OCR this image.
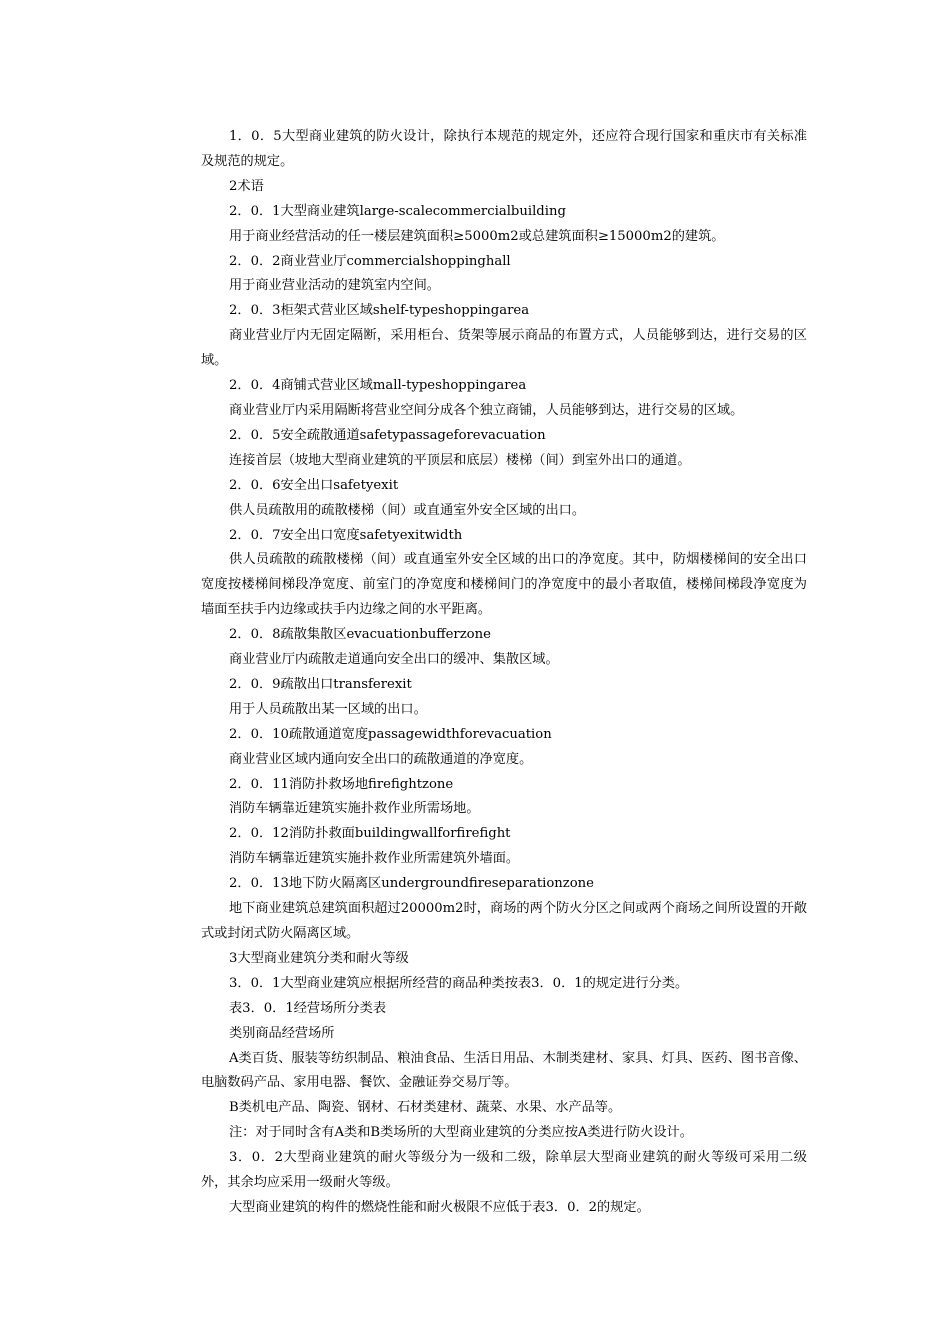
1．0．5大型商业建筑的防火设计，除执行本规范的规定外，还应符合现行国家和重庆市有关标准及规范的规定。

2术语

2．0．1大型商业建筑large-scalecommercialbuilding

用于商业经营活动的任一楼层建筑面积≥5000m2或总建筑面积≥15000m2的建筑。

2．0．2商业营业厅commercialshoppinghall

用于商业营业活动的建筑室内空间。

2．0．3柜架式营业区域shelf-typeshoppingarea

商业营业厅内无固定隔断，采用柜台、货架等展示商品的布置方式，人员能够到达，进行交易的区域。

2．0．4商铺式营业区域mall-typeshoppingarea

商业营业厅内采用隔断将营业空间分成各个独立商铺，人员能够到达，进行交易的区域。

2．0．5安全疏散通道safetypassageforevacuation

连接首层（坡地大型商业建筑的平顶层和底层）楼梯（间）到室外出口的通道。

2．0．6安全出口safetyexit

供人员疏散用的疏散楼梯（间）或直通室外安全区域的出口。

2．0．7安全出口宽度safetyexitwidth

供人员疏散的疏散楼梯（间）或直通室外安全区域的出口的净宽度。其中，防烟楼梯间的安全出口宽度按楼梯间梯段净宽度、前室门的净宽度和楼梯间门的净宽度中的最小者取值，楼梯间梯段净宽度为墙面至扶手内边缘或扶手内边缘之间的水平距离。

2．0．8疏散集散区evacuationbufferzone

商业营业厅内疏散走道通向安全出口的缓冲、集散区域。

2．0．9疏散出口transferexit

用于人员疏散出某一区域的出口。

2．0．10疏散通道宽度passagewidthforevacuation

商业营业区域内通向安全出口的疏散通道的净宽度。

2．0．11消防扑救场地firefightzone

消防车辆靠近建筑实施扑救作业所需场地。

2．0．12消防扑救面buildingwallforfirefight

消防车辆靠近建筑实施扑救作业所需建筑外墙面。

2．0．13地下防火隔离区undergroundfireseparationzone

地下商业建筑总建筑面积超过20000m2时，商场的两个防火分区之间或两个商场之间所设置的开敞式或封闭式防火隔离区域。

3大型商业建筑分类和耐火等级

3．0．1大型商业建筑应根据所经营的商品种类按表3．0．1的规定进行分类。

表3．0．1经营场所分类表

类别商品经营场所

A类百货、服装等纺织制品、粮油食品、生活日用品、木制类建材、家具、灯具、医药、图书音像、电脑数码产品、家用电器、餐饮、金融证券交易厅等。

B类机电产品、陶瓷、钢材、石材类建材、蔬菜、水果、水产品等。

注：对于同时含有A类和B类场所的大型商业建筑的分类应按A类进行防火设计。

3．0．2大型商业建筑的耐火等级分为一级和二级，除单层大型商业建筑的耐火等级可采用二级外，其余均应采用一级耐火等级。

大型商业建筑的构件的燃烧性能和耐火极限不应低于表3．0．2的规定。
